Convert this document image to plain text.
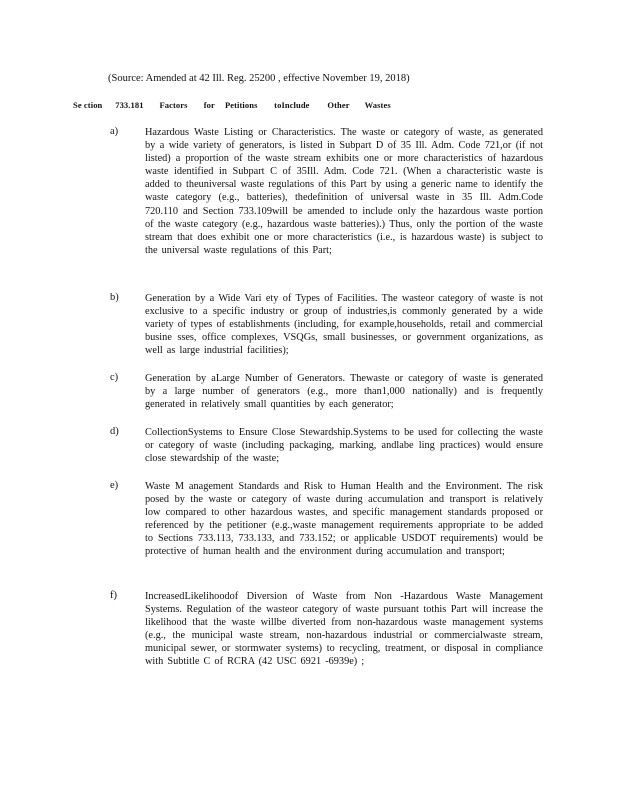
(Source: Amended at 42 Ill. Reg. 25200 , effective November 19, 2018)
Se ction 733.181 Factors for Petitions toInclude Other Wastes
a)	Hazardous Waste Listing or Characteristics. The waste or category of waste, as generated by a wide variety of generators, is listed in Subpart D of 35 Ill. Adm. Code 721,or (if not listed) a proportion of the waste stream exhibits one or more characteristics of hazardous waste identified in Subpart C of 35Ill. Adm. Code 721. (When a characteristic waste is added to theuniversal waste regulations of this Part by using a generic name to identify the waste category (e.g., batteries), thedefinition of universal waste in 35 Ill. Adm.Code 720.110 and Section 733.109will be amended to include only the hazardous waste portion of the waste category (e.g., hazardous waste batteries).) Thus, only the portion of the waste stream that does exhibit one or more characteristics (i.e., is hazardous waste) is subject to the universal waste regulations of this Part;
b)	Generation by a Wide Vari ety of Types of Facilities. The wasteor category of waste is not exclusive to a specific industry or group of industries,is commonly generated by a wide variety of types of establishments (including, for example,households, retail and commercial busine sses, office complexes, VSQGs, small businesses, or government organizations, as well as large industrial facilities);
c)	Generation by aLarge Number of Generators. Thewaste or category of waste is generated by a large number of generators (e.g., more than1,000 nationally) and is frequently generated in relatively small quantities by each generator;
d)	CollectionSystems to Ensure Close Stewardship.Systems to be used for collecting the waste or category of waste (including packaging, marking, andlabe ling practices) would ensure close stewardship of the waste;
e)	Waste M anagement Standards and Risk to Human Health and the Environment. The risk posed by the waste or category of waste during accumulation and transport is relatively low compared to other hazardous wastes, and specific management standards proposed or referenced by the petitioner (e.g.,waste management requirements appropriate to be added to Sections 733.113, 733.133, and 733.152; or applicable USDOT requirements) would be protective of human health and the environment during accumulation and transport;
f)	IncreasedLikelihoodof Diversion of Waste from Non -Hazardous Waste Management Systems. Regulation of the wasteor category of waste pursuant tothis Part will increase the likelihood that the waste willbe diverted from non-hazardous waste management systems (e.g., the municipal waste stream, non-hazardous industrial or commercialwaste stream, municipal sewer, or stormwater systems) to recycling, treatment, or disposal in compliance with Subtitle C of RCRA (42 USC 6921 -6939e) ;
